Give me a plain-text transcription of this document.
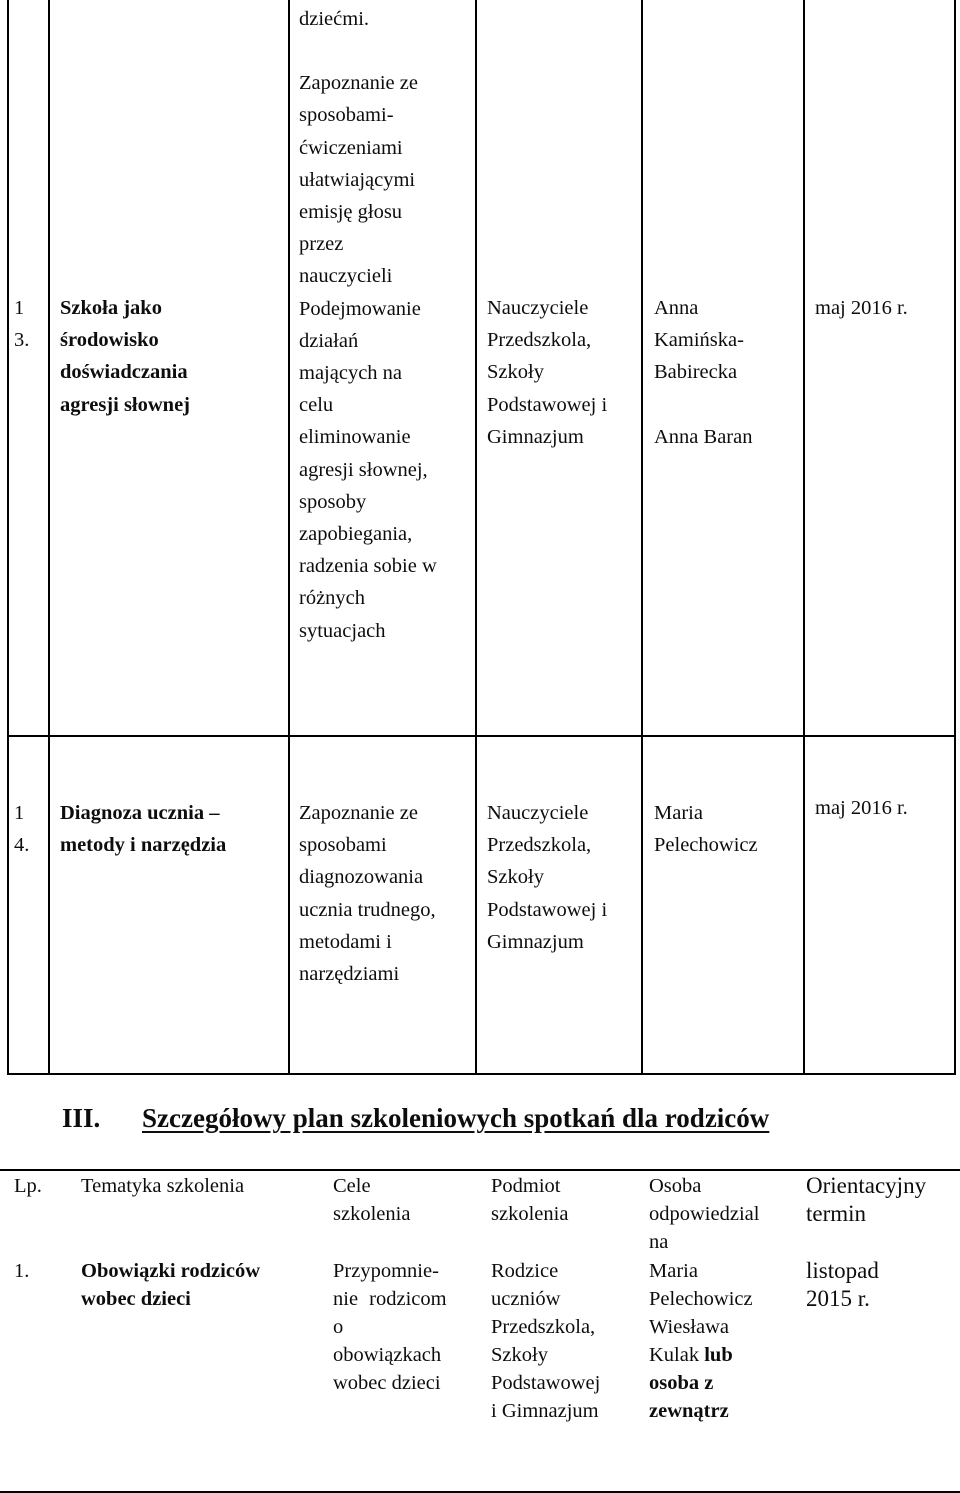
1
3.
Szkoła jako
środowisko
doświadczania
agresji słownej
dziećmi.
Zapoznanie ze
sposobami-
ćwiczeniami
ułatwiającymi
emisję głosu
przez
nauczycieli
Podejmowanie
działań
mających na
celu
eliminowanie
agresji słownej,
sposoby
zapobiegania,
radzenia sobie w
różnych
sytuacjach
Nauczyciele
Przedszkola,
Szkoły
Podstawowej i
Gimnazjum
Anna
Kamińska-
Babirecka
Anna Baran
maj 2016 r.
1
4.
Diagnoza ucznia –
metody i narzędzia
Zapoznanie ze
sposobami
diagnozowania
ucznia trudnego,
metodami i
narzędziami
Nauczyciele
Przedszkola,
Szkoły
Podstawowej i
Gimnazjum
Maria
Pelechowicz
maj 2016 r.
III. Szczegółowy plan szkoleniowych spotkań dla rodziców
Lp. Tematyka szkolenia	Cele
szkolenia
Podmiot
szkolenia
Osoba
odpowiedzial
na
Orientacyjny
termin
1.	Obowiązki rodziców
wobec dzieci
Przypomnie-
nie rodzicom
o
obowiązkach
wobec dzieci
Rodzice
uczniów
Przedszkola,
Szkoły
Podstawowej
i Gimnazjum
Maria
Pelechowicz
Wiesława
Kulak lub
osoba z
zewnątrz
listopad
2015 r.
